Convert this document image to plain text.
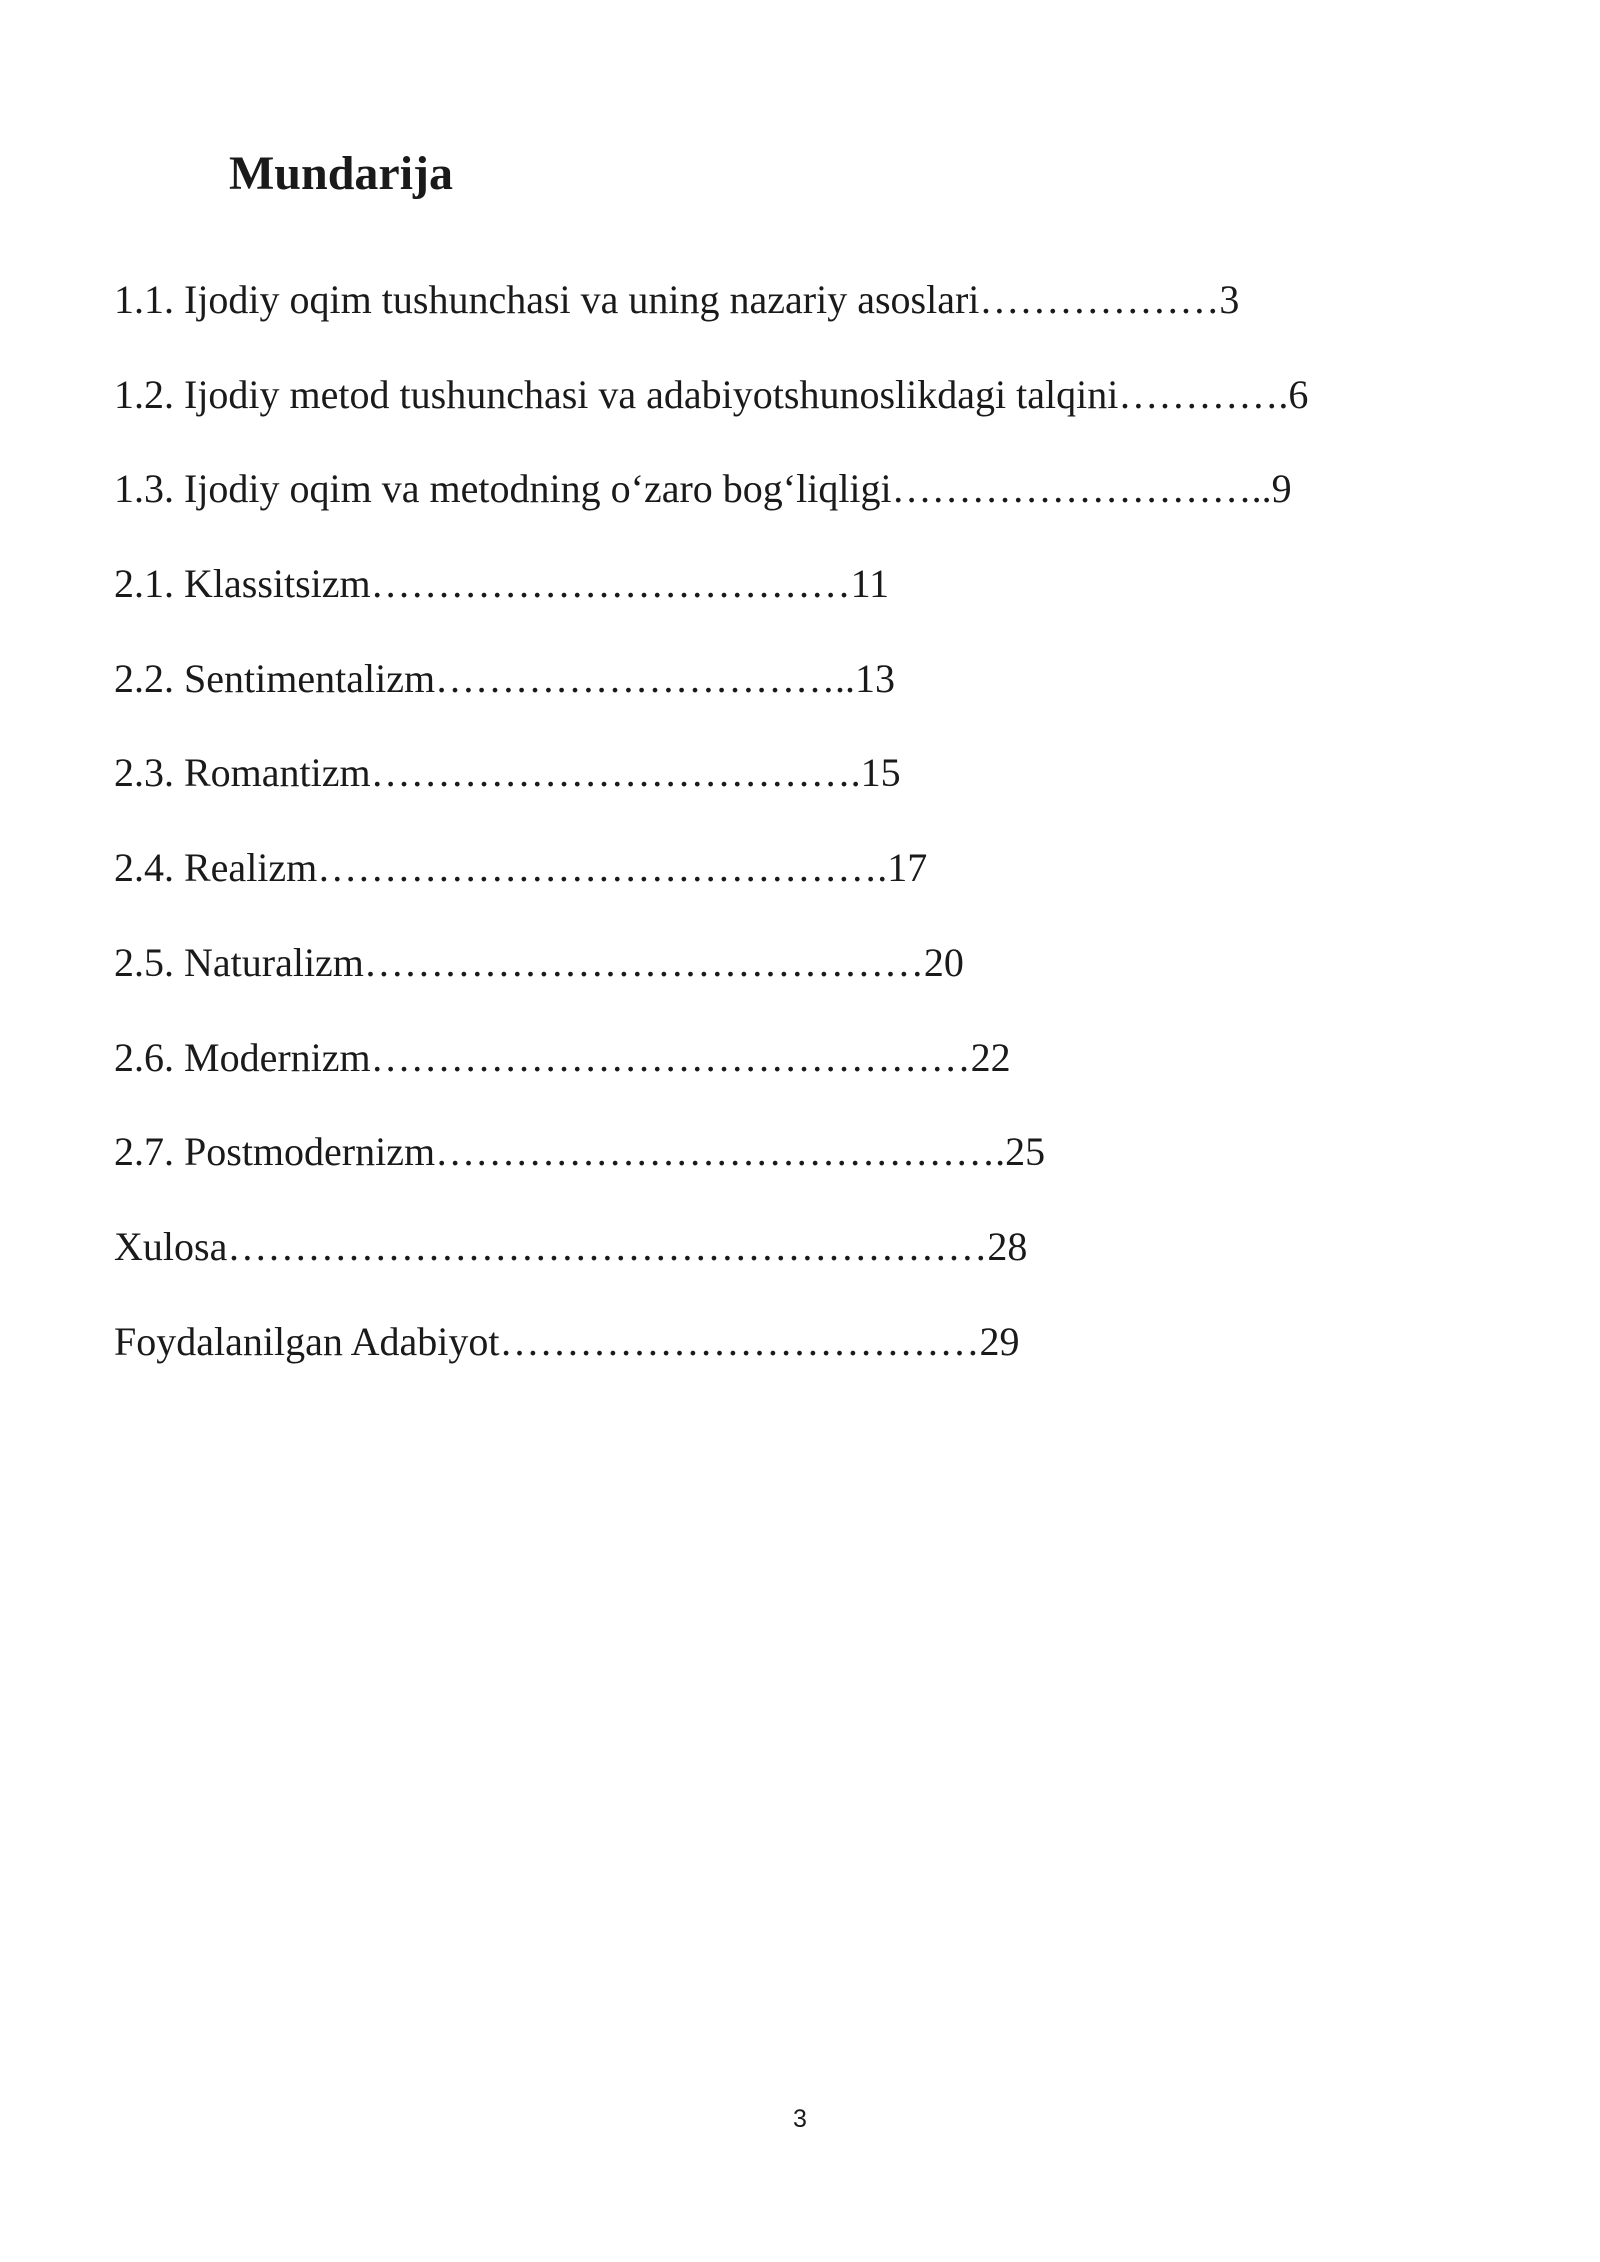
Mundarija
1.1. Ijodiy oqim tushunchasi va uning nazariy asoslari………………3
1.2. Ijodiy metod tushunchasi va adabiyotshunoslikdagi talqini………….6
1.3. Ijodiy oqim va metodning o‘zaro bog‘liqligi………………………..9
2.1. Klassitsizm………………………………11
2.2. Sentimentalizm…………………………..13
2.3. Romantizm……………………………….15
2.4. Realizm…………………………………….17
2.5. Naturalizm……………………………………20
2.6. Modernizm………………………………………22
2.7. Postmodernizm…………………………………….25
Xulosa…………………………………………………28
Foydalanilgan Adabiyot………………………………29
3
